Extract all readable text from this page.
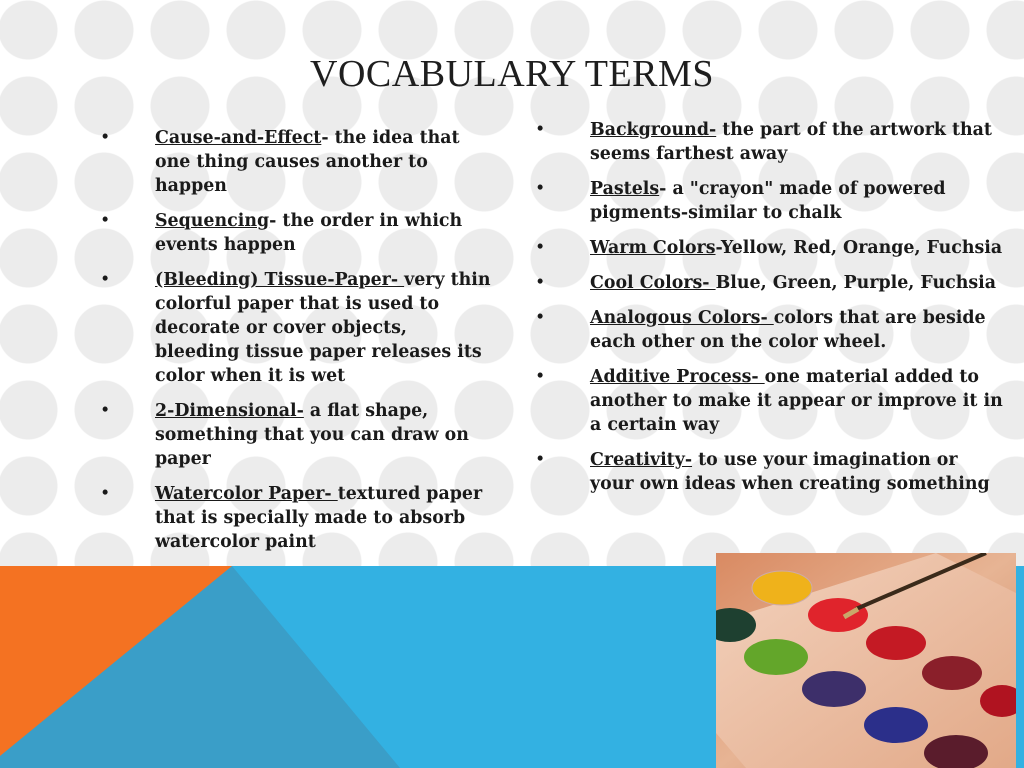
VOCABULARY TERMS
•	Cause-and-Effect- the idea that one thing causes another to happen
•	Sequencing- the order in which events happen
•	(Bleeding) Tissue-Paper- very thin colorful paper that is used to decorate or cover objects, bleeding tissue paper releases its color when it is wet
•	2-Dimensional- a flat shape, something that you can draw on paper
•	Watercolor Paper- textured paper that is specially made to absorb watercolor paint
•	Background- the part of the artwork that seems farthest away
•	Pastels- a "crayon" made of powered pigments-similar to chalk
•	Warm Colors-Yellow, Red, Orange, Fuchsia
•	Cool Colors- Blue, Green, Purple, Fuchsia
•	Analogous Colors- colors that are beside each other on the color wheel.
•	Additive Process- one material added to another to make it appear or improve it in a certain way
•	Creativity- to use your imagination or your own ideas when creating something
